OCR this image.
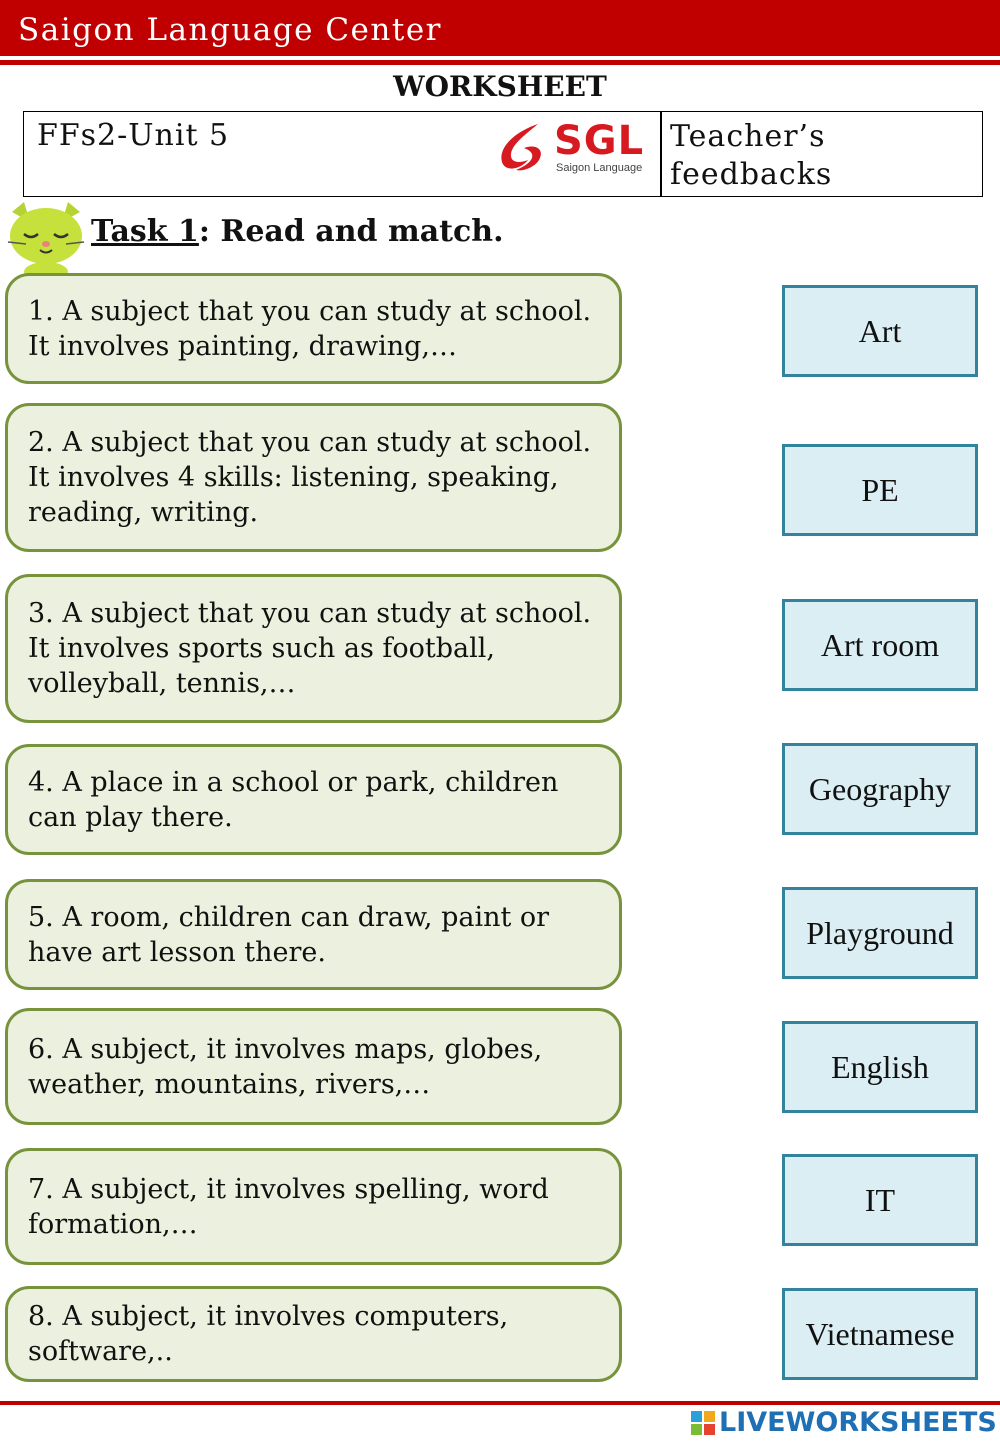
Saigon Language Center
WORKSHEET
FFs2-Unit 5	SGL
Saigon Language
Teacher’s
feedbacks
Task 1: Read and match.
1. A subject that you can study at school. It involves painting, drawing,…
2. A subject that you can study at school. It involves 4 skills: listening, speaking, reading, writing.
3. A subject that you can study at school. It involves sports such as football, volleyball, tennis,…
4. A place in a school or park, children can play there.
5. A room, children can draw, paint or have art lesson there.
6. A subject, it involves maps, globes, weather, mountains, rivers,…
7. A subject, it involves spelling, word formation,…
8. A subject, it involves computers, software,..
Art
PE
Art room
Geography
Playground
English
IT
Vietnamese
LIVEWORKSHEETS
